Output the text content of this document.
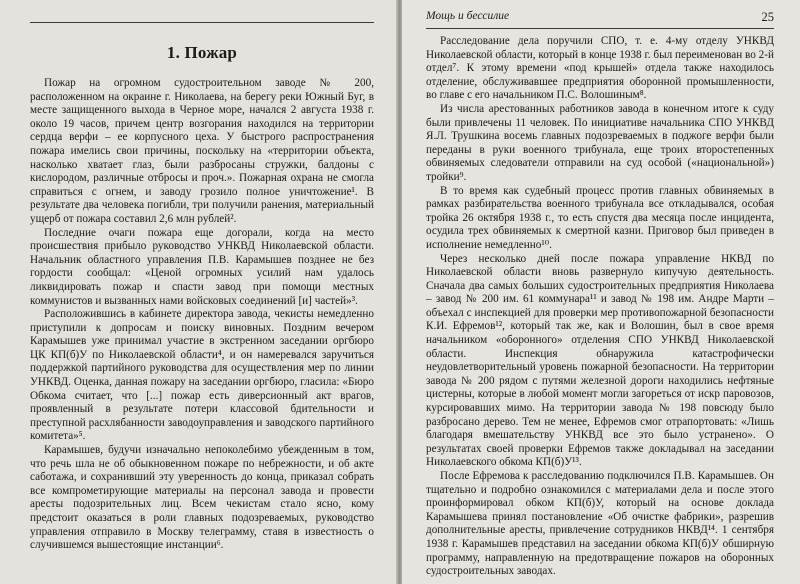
1. Пожар

Пожар на огромном судостроительном заводе № 200, расположенном на окраине г. Николаева, на берегу реки Южный Буг, в месте защищенного выхода в Черное море, начался 2 августа 1938 г. около 19 часов, причем центр возгорания находился на территории сердца верфи – ее корпусного цеха. У быстрого распространения пожара имелись свои причины, поскольку на «территории объекта, насколько хватает глаз, были разбросаны стружки, балдоны с кислородом, различные отбросы и проч.». Пожарная охрана не смогла справиться с огнем, и заводу грозило полное уничтожение¹. В результате два человека погибли, три получили ранения, материальный ущерб от пожара составил 2,6 млн рублей².

Последние очаги пожара еще догорали, когда на место происшествия прибыло руководство УНКВД Николаевской области. Начальник областного управления П.В. Карамышев позднее не без гордости сообщал: «Ценой огромных усилий нам удалось ликвидировать пожар и спасти завод при помощи местных коммунистов и вызванных нами войсковых соединений [и] частей»³.

Расположившись в кабинете директора завода, чекисты немедленно приступили к допросам и поиску виновных. Поздним вечером Карамышев уже принимал участие в экстренном заседании оргбюро ЦК КП(б)У по Николаевской области⁴, и он намеревался заручиться поддержкой партийного руководства для осуществления мер по линии УНКВД. Оценка, данная пожару на заседании оргбюро, гласила: «Бюро Обкома считает, что [...] пожар есть диверсионный акт врагов, проявленный в результате потери классовой бдительности и преступной расхлябанности заводоуправления и заводского партийного комитета»⁵.

Карамышев, будучи изначально непоколебимо убежденным в том, что речь шла не об обыкновенном пожаре по небрежности, и об акте саботажа, и сохранивший эту уверенность до конца, приказал собрать все компрометирующие материалы на персонал завода и провести аресты подозрительных лиц. Всем чекистам стало ясно, кому предстоит оказаться в роли главных подозреваемых, руководство управления отправило в Москву телеграмму, ставя в известность о случившемся вышестоящие инстанции⁶.

Мощь и бессилие	25

Расследование дела поручили СПО, т. е. 4-му отделу УНКВД Николаевской области, который в конце 1938 г. был переименован во 2-й отдел⁷. К этому времени «под крышей» отдела также находилось отделение, обслуживавшее предприятия оборонной промышленности, во главе с его начальником П.С. Волошиным⁸.

Из числа арестованных работников завода в конечном итоге к суду были привлечены 11 человек. По инициативе начальника СПО УНКВД Я.Л. Трушкина восемь главных подозреваемых в поджоге верфи были переданы в руки военного трибунала, еще троих второстепенных обвиняемых следователи отправили на суд особой («национальной») тройки⁹.

В то время как судебный процесс против главных обвиняемых в рамках разбирательства военного трибунала все откладывался, особая тройка 26 октября 1938 г., то есть спустя два месяца после инцидента, осудила трех обвиняемых к смертной казни. Приговор был приведен в исполнение немедленно¹⁰.

Через несколько дней после пожара управление НКВД по Николаевской области вновь развернуло кипучую деятельность. Сначала два самых больших судостроительных предприятия Николаева – завод № 200 им. 61 коммунара¹¹ и завод № 198 им. Андре Марти – объехал с инспекцией для проверки мер противопожарной безопасности К.И. Ефремов¹², который так же, как и Волошин, был в свое время начальником «оборонного» отделения СПО УНКВД Николаевской области. Инспекция обнаружила катастрофически неудовлетворительный уровень пожарной безопасности. На территории завода № 200 рядом с путями железной дороги находились нефтяные цистерны, которые в любой момент могли загореться от искр паровозов, курсировавших мимо. На территории завода № 198 повсюду было разбросано дерево. Тем не менее, Ефремов смог отрапортовать: «Лишь благодаря вмешательству УНКВД все это было устранено». О результатах своей проверки Ефремов также докладывал на заседании Николаевского обкома КП(б)У¹³.

После Ефремова к расследованию подключился П.В. Карамышев. Он тщательно и подробно ознакомился с материалами дела и после этого проинформировал обком КП(б)У, который на основе доклада Карамышева принял постановление «Об очистке фабрики», разрешив дополнительные аресты, привлечение сотрудников НКВД¹⁴. 1 сентября 1938 г. Карамышев представил на заседании обкома КП(б)У обширную программу, направленную на предотвращение пожаров на оборонных судостроительных заводах.
